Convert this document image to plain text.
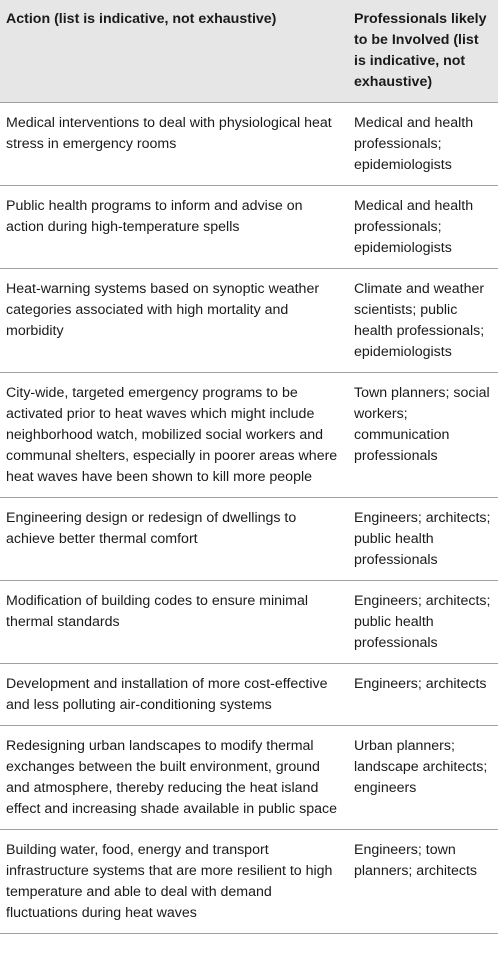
Action (list is indicative, not exhaustive)	Professionals likely to be Involved (list is indicative, not exhaustive)
Medical interventions to deal with physiological heat stress in emergency rooms	Medical and health professionals; epidemiologists
Public health programs to inform and advise on action during high-temperature spells	Medical and health professionals; epidemiologists
Heat-warning systems based on synoptic weather categories associated with high mortality and morbidity	Climate and weather scientists; public health professionals; epidemiologists
City-wide, targeted emergency programs to be activated prior to heat waves which might include neighborhood watch, mobilized social workers and communal shelters, especially in poorer areas where heat waves have been shown to kill more people	Town planners; social workers; communication professionals
Engineering design or redesign of dwellings to achieve better thermal comfort	Engineers; architects; public health professionals
Modification of building codes to ensure minimal thermal standards	Engineers; architects; public health professionals
Development and installation of more cost-effective and less polluting air-conditioning systems	Engineers; architects
Redesigning urban landscapes to modify thermal exchanges between the built environment, ground and atmosphere, thereby reducing the heat island effect and increasing shade available in public space	Urban planners; landscape architects; engineers
Building water, food, energy and transport infrastructure systems that are more resilient to high temperature and able to deal with demand fluctuations during heat waves	Engineers; town planners; architects
